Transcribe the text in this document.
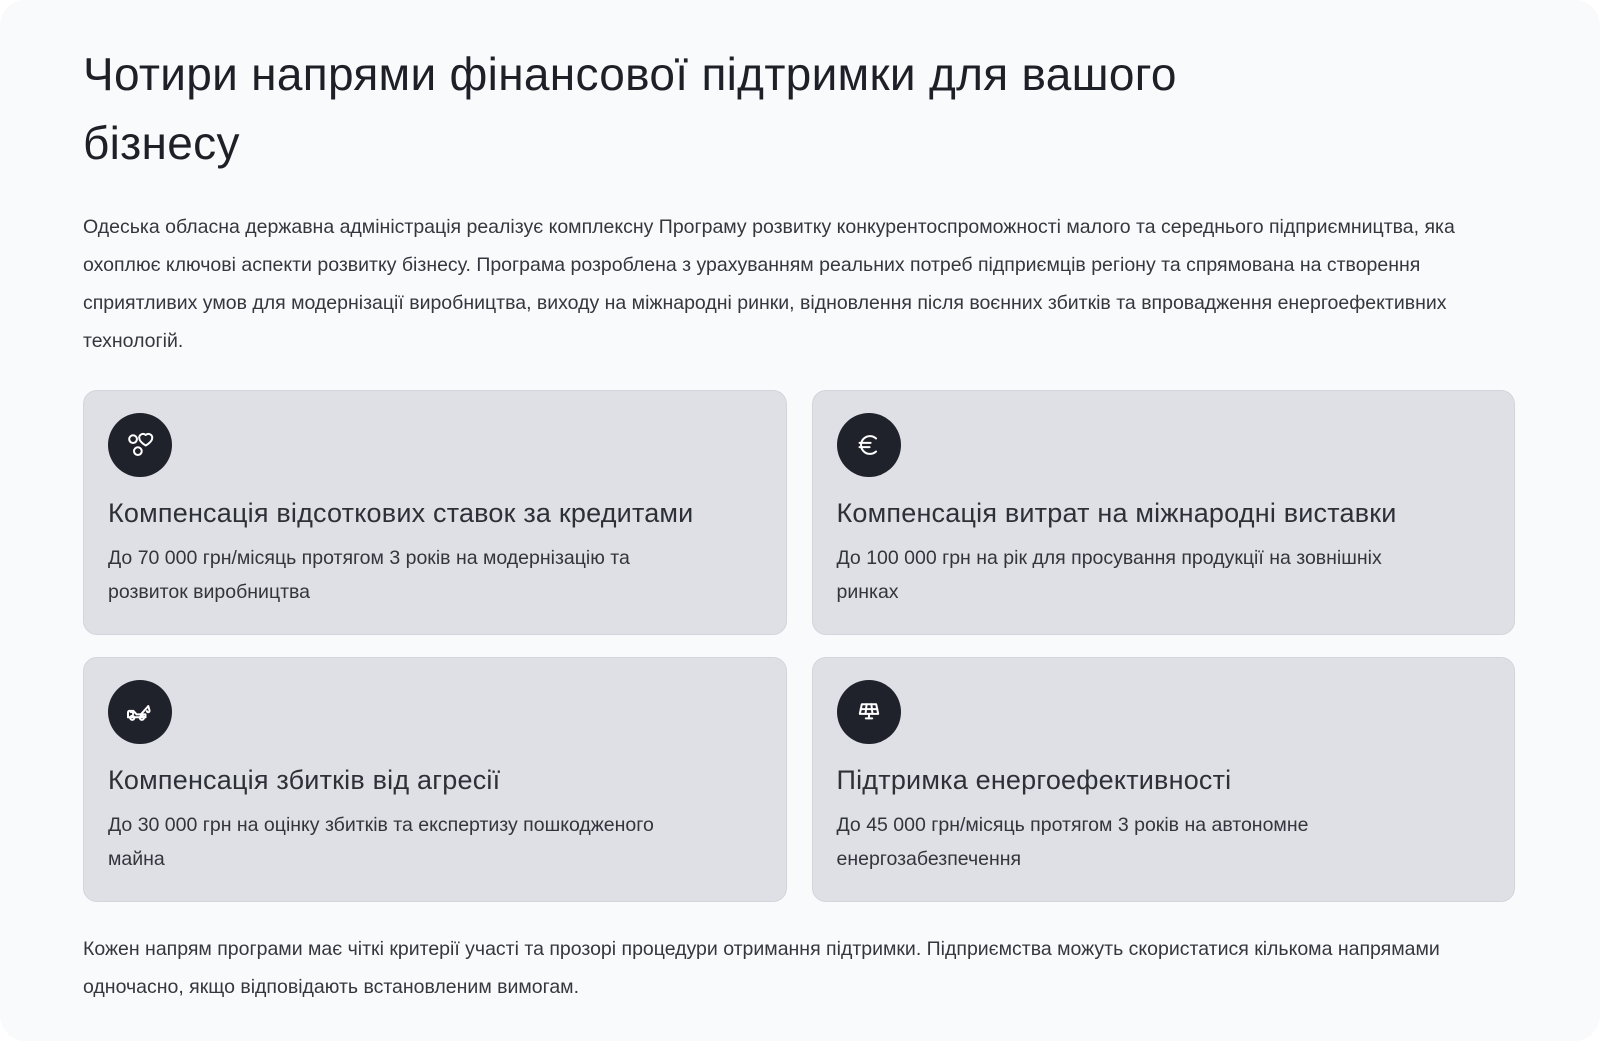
Чотири напрями фінансової підтримки для вашого бізнесу

Одеська обласна державна адміністрація реалізує комплексну Програму розвитку конкурентоспроможності малого та середнього підприємництва, яка охоплює ключові аспекти розвитку бізнесу. Програма розроблена з урахуванням реальних потреб підприємців регіону та спрямована на створення сприятливих умов для модернізації виробництва, виходу на міжнародні ринки, відновлення після воєнних збитків та впровадження енергоефективних технологій.

Компенсація відсоткових ставок за кредитами

До 70 000 грн/місяць протягом 3 років на модернізацію та розвиток виробництва

Компенсація витрат на міжнародні виставки

До 100 000 грн на рік для просування продукції на зовнішніх ринках

Компенсація збитків від агресії

До 30 000 грн на оцінку збитків та експертизу пошкодженого майна

Підтримка енергоефективності

До 45 000 грн/місяць протягом 3 років на автономне енергозабезпечення

Кожен напрям програми має чіткі критерії участі та прозорі процедури отримання підтримки. Підприємства можуть скористатися кількома напрямами одночасно, якщо відповідають встановленим вимогам.
